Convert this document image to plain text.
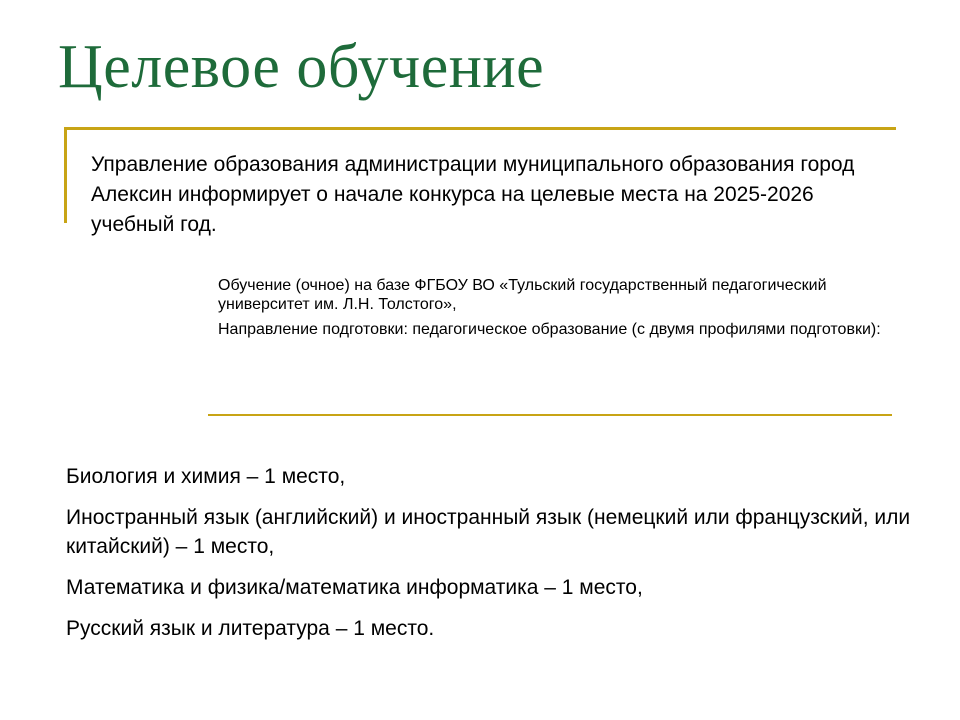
Целевое обучение

Управление образования администрации муниципального образования город Алексин информирует о начале конкурса на целевые места на 2025-2026 учебный год.

Обучение (очное) на базе ФГБОУ ВО «Тульский государственный педагогический университет им. Л.Н. Толстого»,

Направление подготовки: педагогическое образование (с двумя профилями подготовки):

Биология и химия – 1 место,

Иностранный язык (английский) и иностранный язык (немецкий или французский, или китайский) – 1 место,

Математика и физика/математика информатика – 1 место,

Русский язык и литература – 1 место.
